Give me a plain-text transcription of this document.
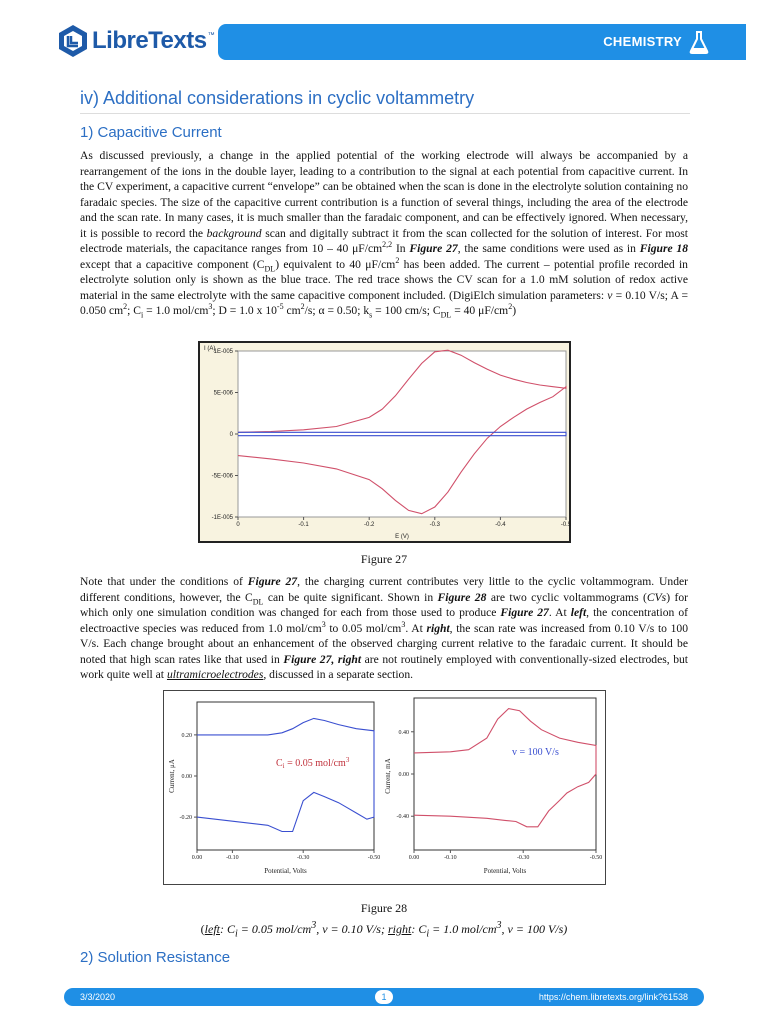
LibreTexts ™	CHEMISTRY
iv) Additional considerations in cyclic voltammetry
1) Capacitive Current
As discussed previously, a change in the applied potential of the working electrode will always be accompanied by a rearrangement of the ions in the double layer, leading to a contribution to the signal at each potential from capacitive current. In the CV experiment, a capacitive current “envelope” can be obtained when the scan is done in the electrolyte solution containing no faradaic species. The size of the capacitive current contribution is a function of several things, including the area of the electrode and the scan rate. In many cases, it is much smaller than the faradaic component, and can be effectively ignored. When necessary, it is possible to record the background scan and digitally subtract it from the scan collected for the solution of interest. For most electrode materials, the capacitance ranges from 10 – 40 μF/cm$^{2,2}$ In Figure 27, the same conditions were used as in Figure 18 except that a capacitive component $(C_{DL})$ equivalent to 40 $\mu F/cm^2$ has been added. The current – potential profile recorded in electrolyte solution only is shown as the blue trace. The red trace shows the CV scan for a 1.0 mM solution of redox active material in the same electrolyte with the same capacitive component included. (DigiElch simulation parameters: v = 0.10 V/s; A = 0.050 $cm^2$; $C_i = 1.0$ mol/$cm^3$; D = 1.0 x $10^{-5}$ $cm^2/s$; α = 0.50; $k_s = 100$ cm/s; $C_{DL} = 40$ $\mu F/cm^2$)
0	-0.1	-0.2	-0.3	-0.4	-0.5
1E-005
5E-006
0
-5E-006
-1E-005
I (A)
E (V)
Figure 27
Note that under the conditions of Figure 27, the charging current contributes very little to the cyclic voltammogram. Under different conditions, however, the $C_{DL}$ can be quite significant. Shown in Figure 28 are two cyclic voltammograms (CVs) for which only one simulation condition was changed for each from those used to produce Figure 27. At left, the concentration of electroactive species was reduced from 1.0 mol/$cm^3$ to 0.05 mol/$cm^3$. At right, the scan rate was increased from 0.10 V/s to 100 V/s. Each change brought about an enhancement of the observed charging current relative to the faradaic current. It should be noted that high scan rates like that used in Figure 27, right are not routinely employed with conventionally-sized electrodes, but work quite well at ultramicroelectrodes, discussed in a separate section.
0.00	-0.10	-0.30	-0.50
0.20
0.00
-0.20
Current, μA
Potential, Volts
$C_i = 0.05$ mol/$cm^3$
0.00	-0.10	-0.30	-0.50
0.40
0.00
-0.40
Current, mA
Potential, Volts
v = 100 V/s
Figure 28
(left: $C_i = 0.05$ mol/$cm^3$, v = 0.10 V/s; right: $C_i = 1.0$ mol/$cm^3$, v = 100 V/s)
2) Solution Resistance
3/3/2020	1	https://chem.libretexts.org/link?61538
